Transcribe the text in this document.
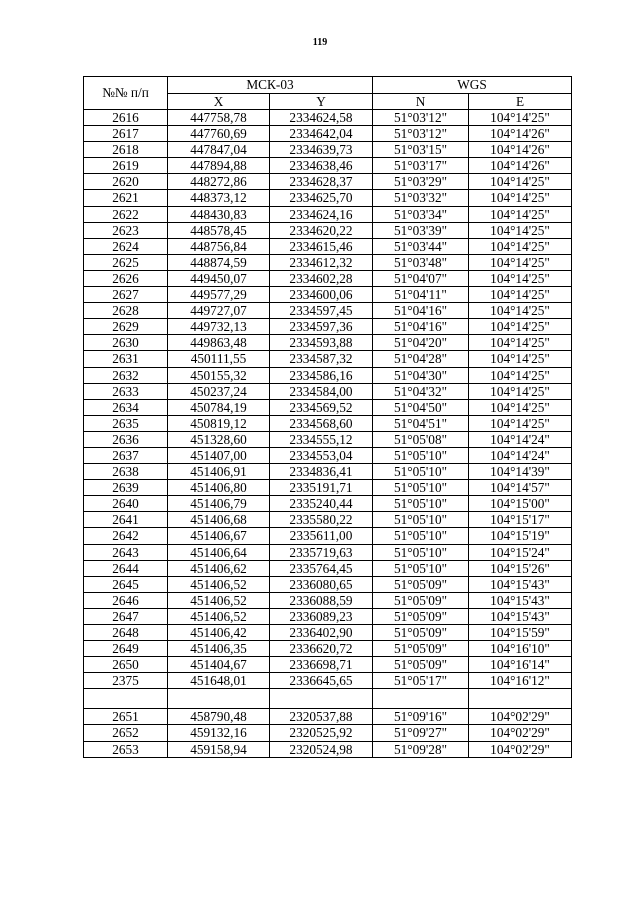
119
№№ п/п	МСК-03		WGS	
	X	Y	N	E
2616	447758,78	2334624,58	51°03'12"	104°14'25"
2617	447760,69	2334642,04	51°03'12"	104°14'26"
2618	447847,04	2334639,73	51°03'15"	104°14'26"
2619	447894,88	2334638,46	51°03'17"	104°14'26"
2620	448272,86	2334628,37	51°03'29"	104°14'25"
2621	448373,12	2334625,70	51°03'32"	104°14'25"
2622	448430,83	2334624,16	51°03'34"	104°14'25"
2623	448578,45	2334620,22	51°03'39"	104°14'25"
2624	448756,84	2334615,46	51°03'44"	104°14'25"
2625	448874,59	2334612,32	51°03'48"	104°14'25"
2626	449450,07	2334602,28	51°04'07"	104°14'25"
2627	449577,29	2334600,06	51°04'11"	104°14'25"
2628	449727,07	2334597,45	51°04'16"	104°14'25"
2629	449732,13	2334597,36	51°04'16"	104°14'25"
2630	449863,48	2334593,88	51°04'20"	104°14'25"
2631	450111,55	2334587,32	51°04'28"	104°14'25"
2632	450155,32	2334586,16	51°04'30"	104°14'25"
2633	450237,24	2334584,00	51°04'32"	104°14'25"
2634	450784,19	2334569,52	51°04'50"	104°14'25"
2635	450819,12	2334568,60	51°04'51"	104°14'25"
2636	451328,60	2334555,12	51°05'08"	104°14'24"
2637	451407,00	2334553,04	51°05'10"	104°14'24"
2638	451406,91	2334836,41	51°05'10"	104°14'39"
2639	451406,80	2335191,71	51°05'10"	104°14'57"
2640	451406,79	2335240,44	51°05'10"	104°15'00"
2641	451406,68	2335580,22	51°05'10"	104°15'17"
2642	451406,67	2335611,00	51°05'10"	104°15'19"
2643	451406,64	2335719,63	51°05'10"	104°15'24"
2644	451406,62	2335764,45	51°05'10"	104°15'26"
2645	451406,52	2336080,65	51°05'09"	104°15'43"
2646	451406,52	2336088,59	51°05'09"	104°15'43"
2647	451406,52	2336089,23	51°05'09"	104°15'43"
2648	451406,42	2336402,90	51°05'09"	104°15'59"
2649	451406,35	2336620,72	51°05'09"	104°16'10"
2650	451404,67	2336698,71	51°05'09"	104°16'14"
2375	451648,01	2336645,65	51°05'17"	104°16'12"

2651	458790,48	2320537,88	51°09'16"	104°02'29"
2652	459132,16	2320525,92	51°09'27"	104°02'29"
2653	459158,94	2320524,98	51°09'28"	104°02'29"
